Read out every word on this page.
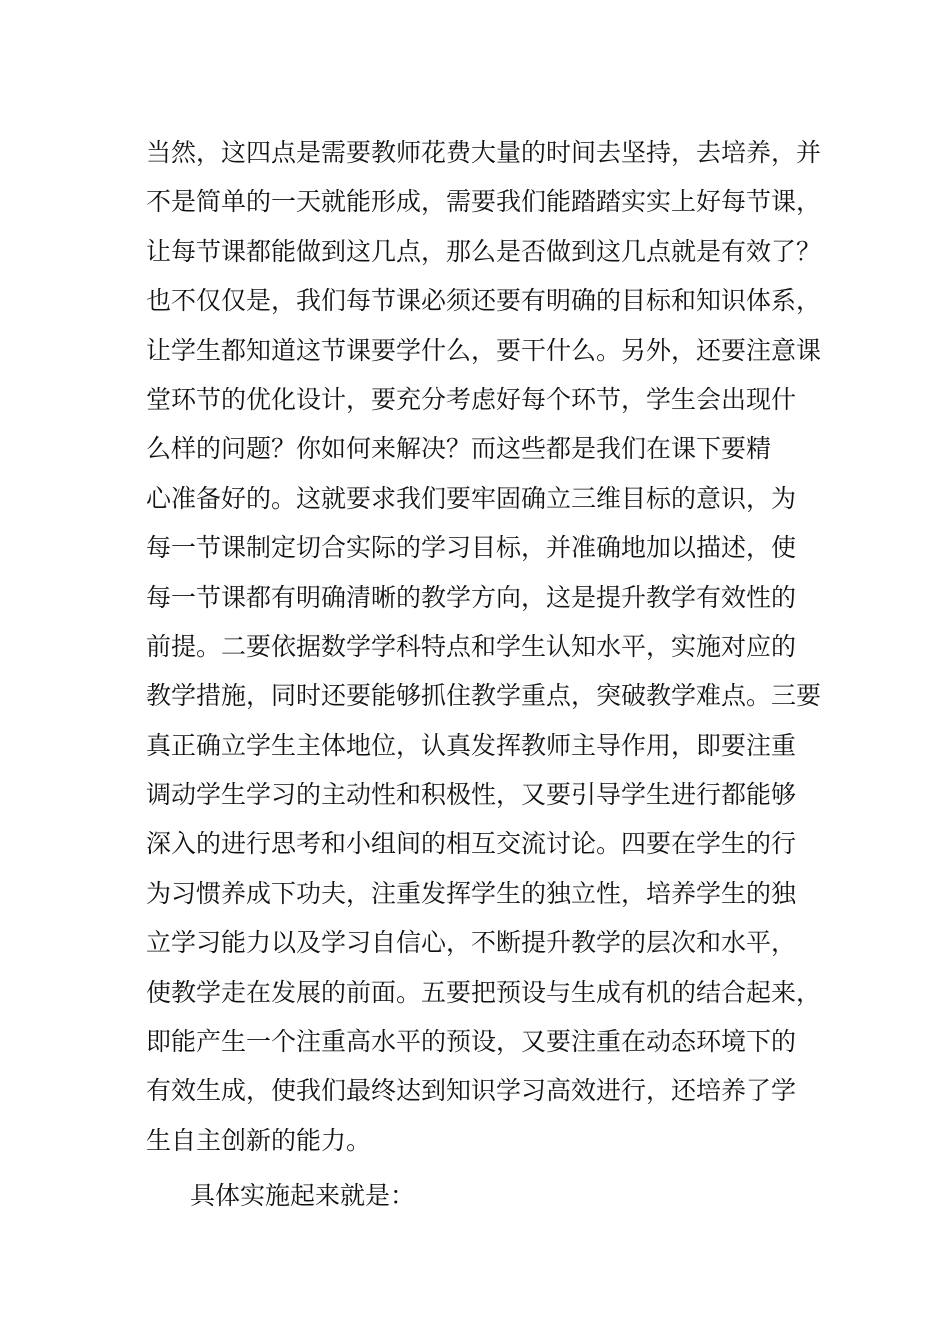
当然，这四点是需要教师花费大量的时间去坚持，去培养，并
不是简单的一天就能形成，需要我们能踏踏实实上好每节课，
让每节课都能做到这几点，那么是否做到这几点就是有效了？
也不仅仅是，我们每节课必须还要有明确的目标和知识体系，
让学生都知道这节课要学什么，要干什么。另外，还要注意课
堂环节的优化设计，要充分考虑好每个环节，学生会出现什
么样的问题？你如何来解决？而这些都是我们在课下要精
心准备好的。这就要求我们要牢固确立三维目标的意识，为
每一节课制定切合实际的学习目标，并准确地加以描述，使
每一节课都有明确清晰的教学方向，这是提升教学有效性的
前提。二要依据数学学科特点和学生认知水平，实施对应的
教学措施，同时还要能够抓住教学重点，突破教学难点。三要
真正确立学生主体地位，认真发挥教师主导作用，即要注重
调动学生学习的主动性和积极性，又要引导学生进行都能够
深入的进行思考和小组间的相互交流讨论。四要在学生的行
为习惯养成下功夫，注重发挥学生的独立性，培养学生的独
立学习能力以及学习自信心，不断提升教学的层次和水平，
使教学走在发展的前面。五要把预设与生成有机的结合起来，
即能产生一个注重高水平的预设，又要注重在动态环境下的
有效生成，使我们最终达到知识学习高效进行，还培养了学
生自主创新的能力。
具体实施起来就是：
